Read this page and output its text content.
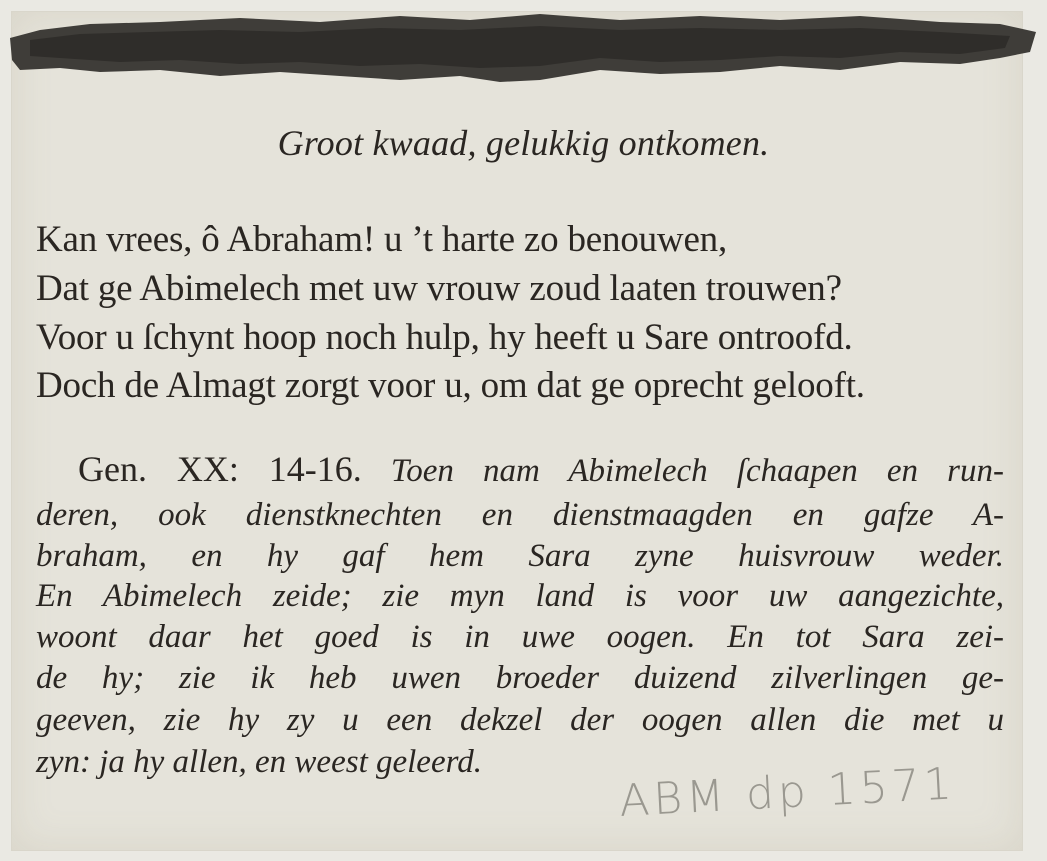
Groot kwaad, gelukkig ontkomen.
Kan vrees, ô Abraham! u ’t harte zo benouwen,
Dat ge Abimelech met uw vrouw zoud laaten trouwen?
Voor u ſchynt hoop noch hulp, hy heeft u Sare ontroofd.
Doch de Almagt zorgt voor u, om dat ge oprecht gelooft.
Gen. XX: 14-16. Toen nam Abimelech ſchaapen en run-
deren, ook dienstknechten en dienstmaagden en gafze A-
braham, en hy gaf hem Sara zyne huisvrouw weder.
En Abimelech zeide; zie myn land is voor uw aangezichte,
woont daar het goed is in uwe oogen. En tot Sara zei-
de hy; zie ik heb uwen broeder duizend zilverlingen ge-
geeven, zie hy zy u een dekzel der oogen allen die met u
zyn: ja hy allen, en weest geleerd.	ABM dp 1571
